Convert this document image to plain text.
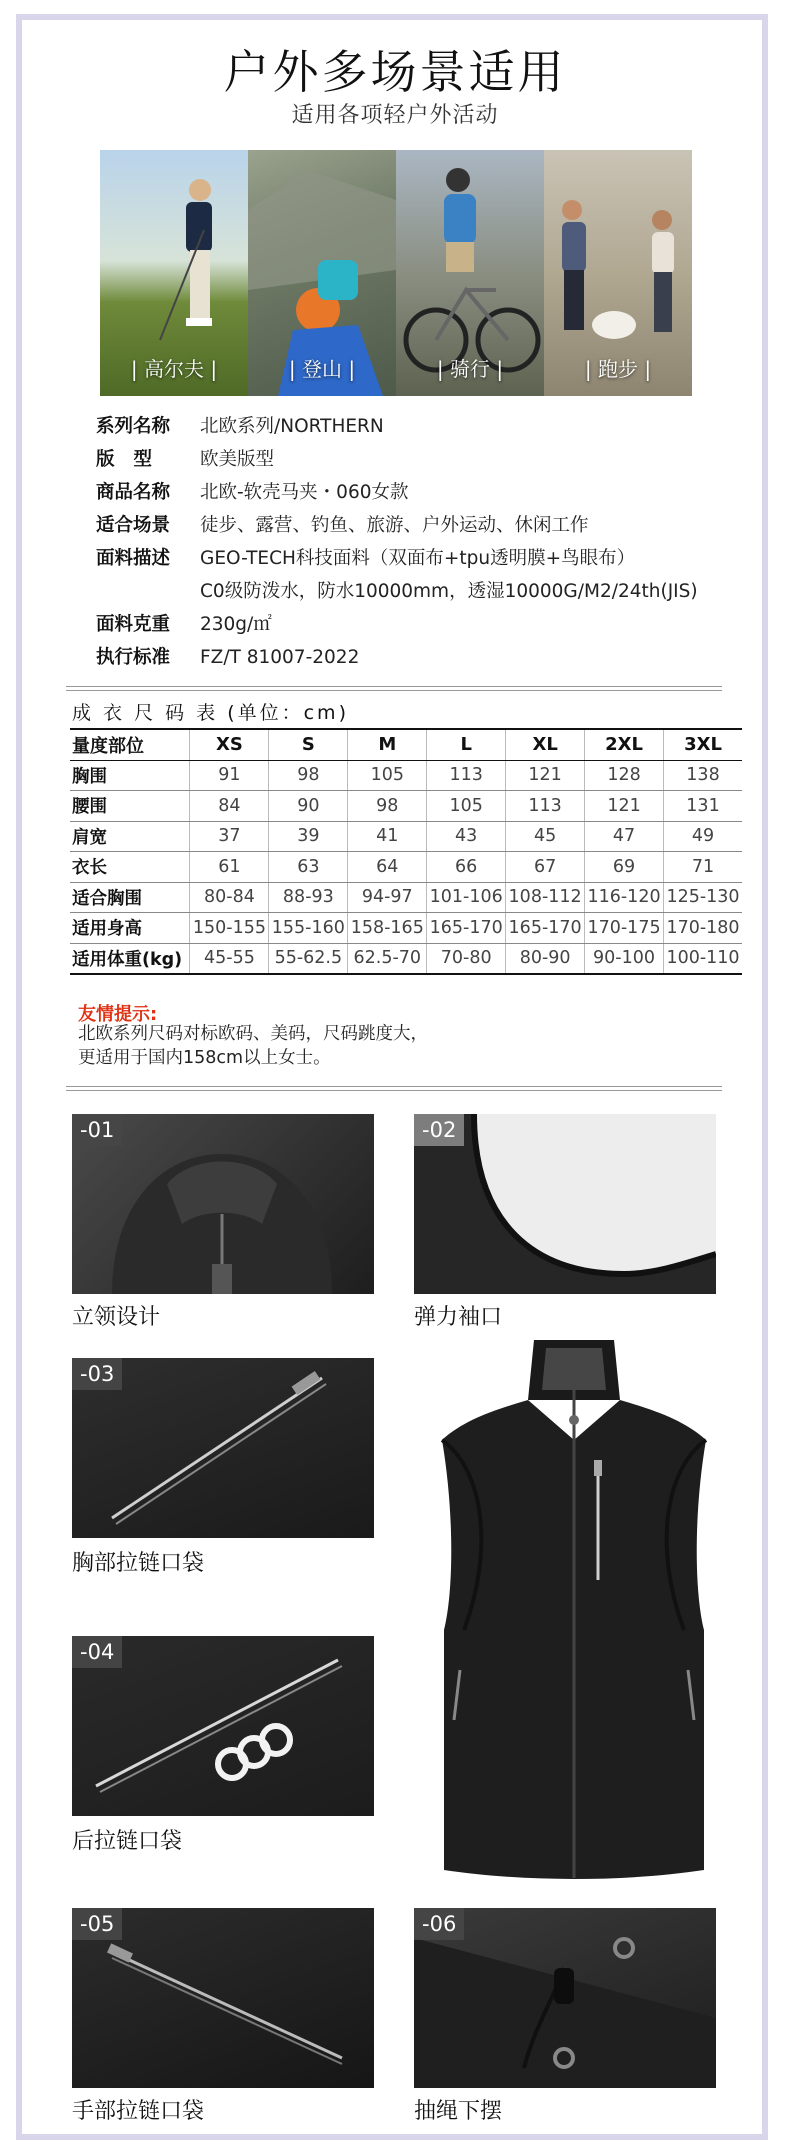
户外多场景适用
适用各项轻户外活动
| 高尔夫 |	| 登山 |	| 骑行 |	| 跑步 |
系列名称	北欧系列/NORTHERN
版型	欧美版型
商品名称	北欧-软壳马夹・060女款
适合场景	徒步、露营、钓鱼、旅游、户外运动、休闲工作
面料描述	GEO-TECH科技面料（双面布+tpu透明膜+鸟眼布）
C0级防泼水，防水10000mm，透湿10000G/M2/24th(JIS)
面料克重	230g/㎡
执行标准	FZ/T 81007-2022
成 衣 尺 码 表 (单位：cm)
量度部位	XS	S	M	L	XL	2XL	3XL
胸围	91	98	105	113	121	128	138
腰围	84	90	98	105	113	121	131
肩宽	37	39	41	43	45	47	49
衣长	61	63	64	66	67	69	71
适合胸围	80-84	88-93	94-97	101-106	108-112	116-120	125-130
适用身高	150-155	155-160	158-165	165-170	165-170	170-175	170-180
适用体重(kg)	45-55	55-62.5	62.5-70	70-80	80-90	90-100	100-110
友情提示:
北欧系列尺码对标欧码、美码，尺码跳度大，
更适用于国内158cm以上女士。
-01
立领设计
-02
弹力袖口
-03
胸部拉链口袋
-04
后拉链口袋
-05
手部拉链口袋
-06
抽绳下摆
